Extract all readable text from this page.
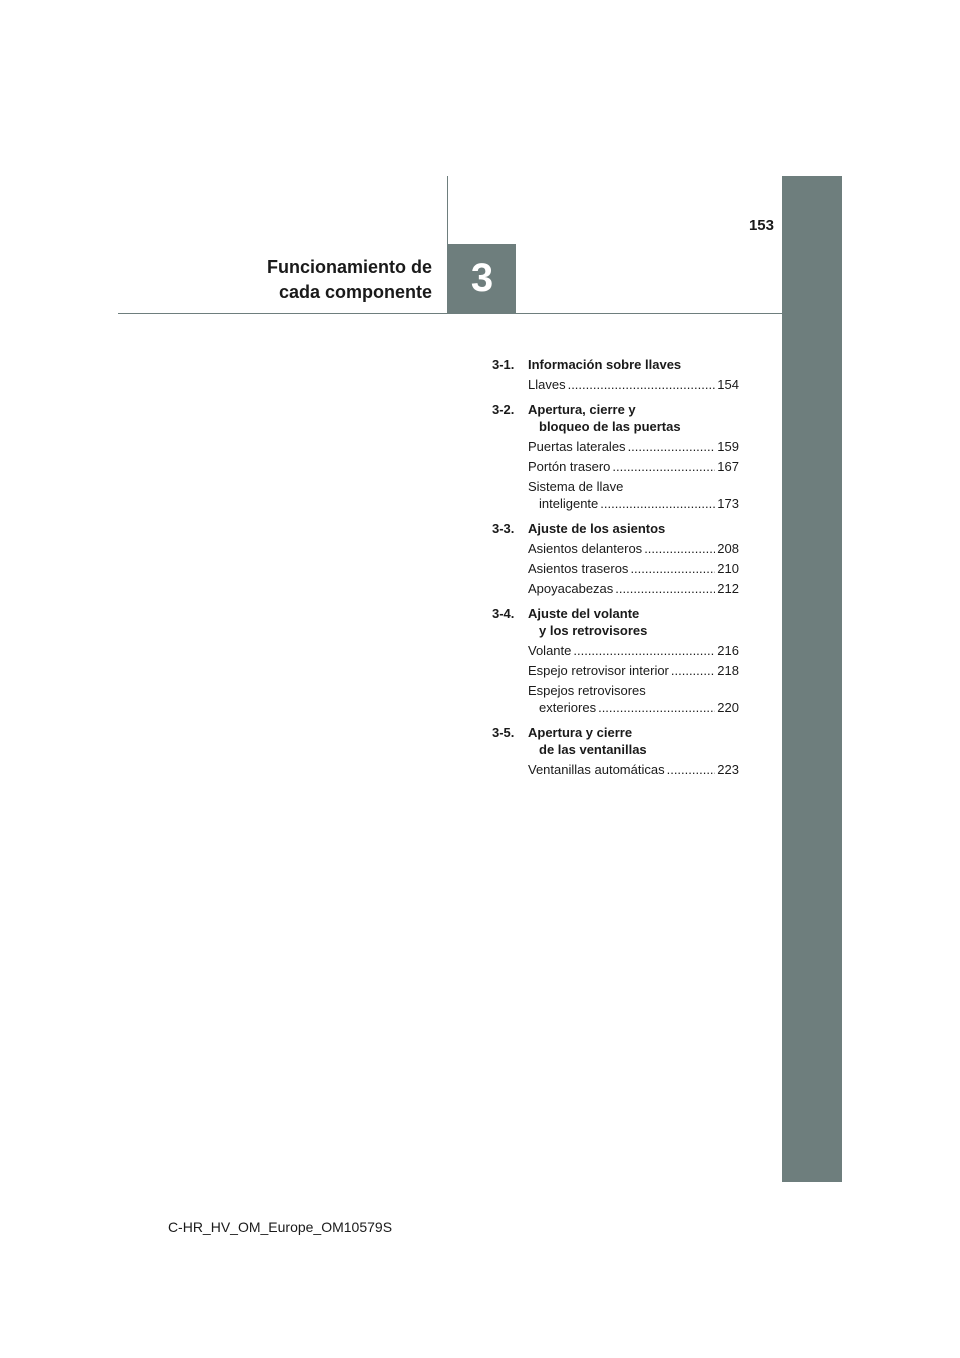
3
153
Funcionamiento de
cada componente
3-1.	Información sobre llaves
Llaves .....	154
3-2.	Apertura, cierre y
bloqueo de las puertas
Puertas laterales .....	159
Portón trasero .....	167
Sistema de llave
inteligente .....	173
3-3.	Ajuste de los asientos
Asientos delanteros .....	208
Asientos traseros .....	210
Apoyacabezas .....	212
3-4.	Ajuste del volante
y los retrovisores
Volante .....	216
Espejo retrovisor interior .....	218
Espejos retrovisores
exteriores .....	220
3-5.	Apertura y cierre
de las ventanillas
Ventanillas automáticas .....	223
C-HR_HV_OM_Europe_OM10579S
